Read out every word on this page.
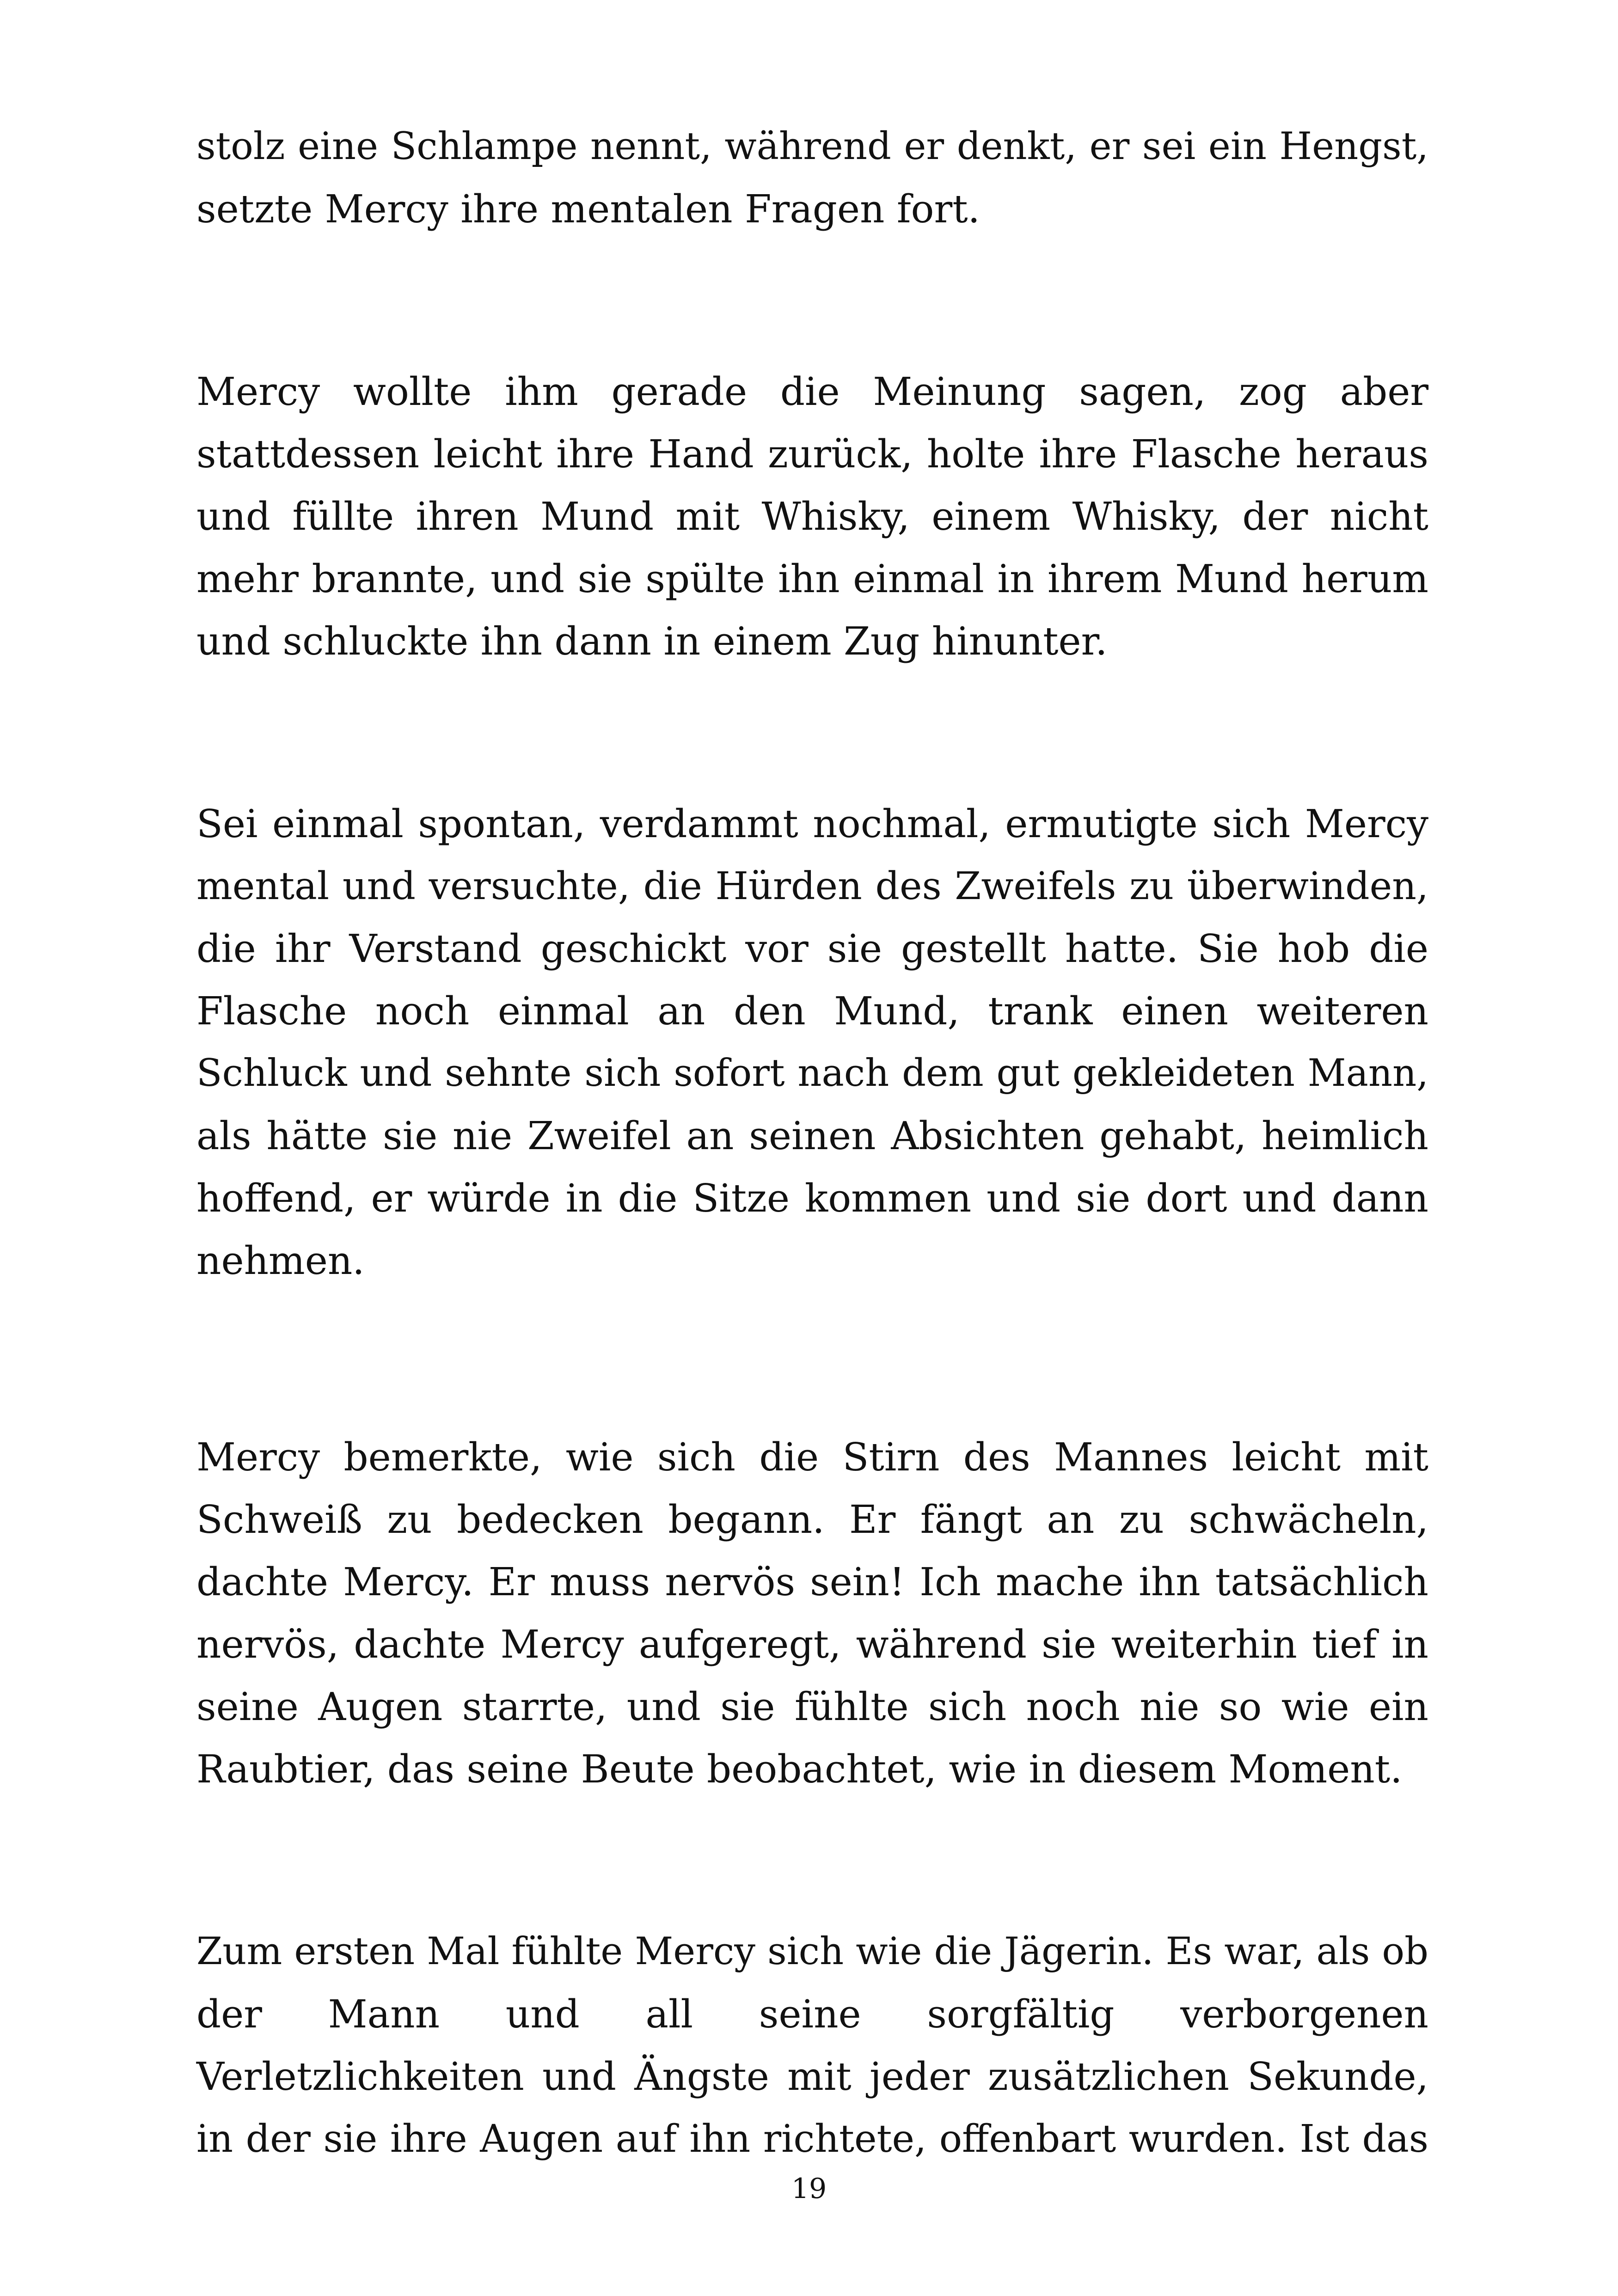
stolz eine Schlampe nennt, während er denkt, er sei ein Hengst,
setzte Mercy ihre mentalen Fragen fort.
Mercy wollte ihm gerade die Meinung sagen, zog aber
stattdessen leicht ihre Hand zurück, holte ihre Flasche heraus
und füllte ihren Mund mit Whisky, einem Whisky, der nicht
mehr brannte, und sie spülte ihn einmal in ihrem Mund herum
und schluckte ihn dann in einem Zug hinunter.
Sei einmal spontan, verdammt nochmal, ermutigte sich Mercy
mental und versuchte, die Hürden des Zweifels zu überwinden,
die ihr Verstand geschickt vor sie gestellt hatte. Sie hob die
Flasche noch einmal an den Mund, trank einen weiteren
Schluck und sehnte sich sofort nach dem gut gekleideten Mann,
als hätte sie nie Zweifel an seinen Absichten gehabt, heimlich
hoffend, er würde in die Sitze kommen und sie dort und dann
nehmen.
Mercy bemerkte, wie sich die Stirn des Mannes leicht mit
Schweiß zu bedecken begann. Er fängt an zu schwächeln,
dachte Mercy. Er muss nervös sein! Ich mache ihn tatsächlich
nervös, dachte Mercy aufgeregt, während sie weiterhin tief in
seine Augen starrte, und sie fühlte sich noch nie so wie ein
Raubtier, das seine Beute beobachtet, wie in diesem Moment.
Zum ersten Mal fühlte Mercy sich wie die Jägerin. Es war, als ob
der Mann und all seine sorgfältig verborgenen
Verletzlichkeiten und Ängste mit jeder zusätzlichen Sekunde,
in der sie ihre Augen auf ihn richtete, offenbart wurden. Ist das
19
